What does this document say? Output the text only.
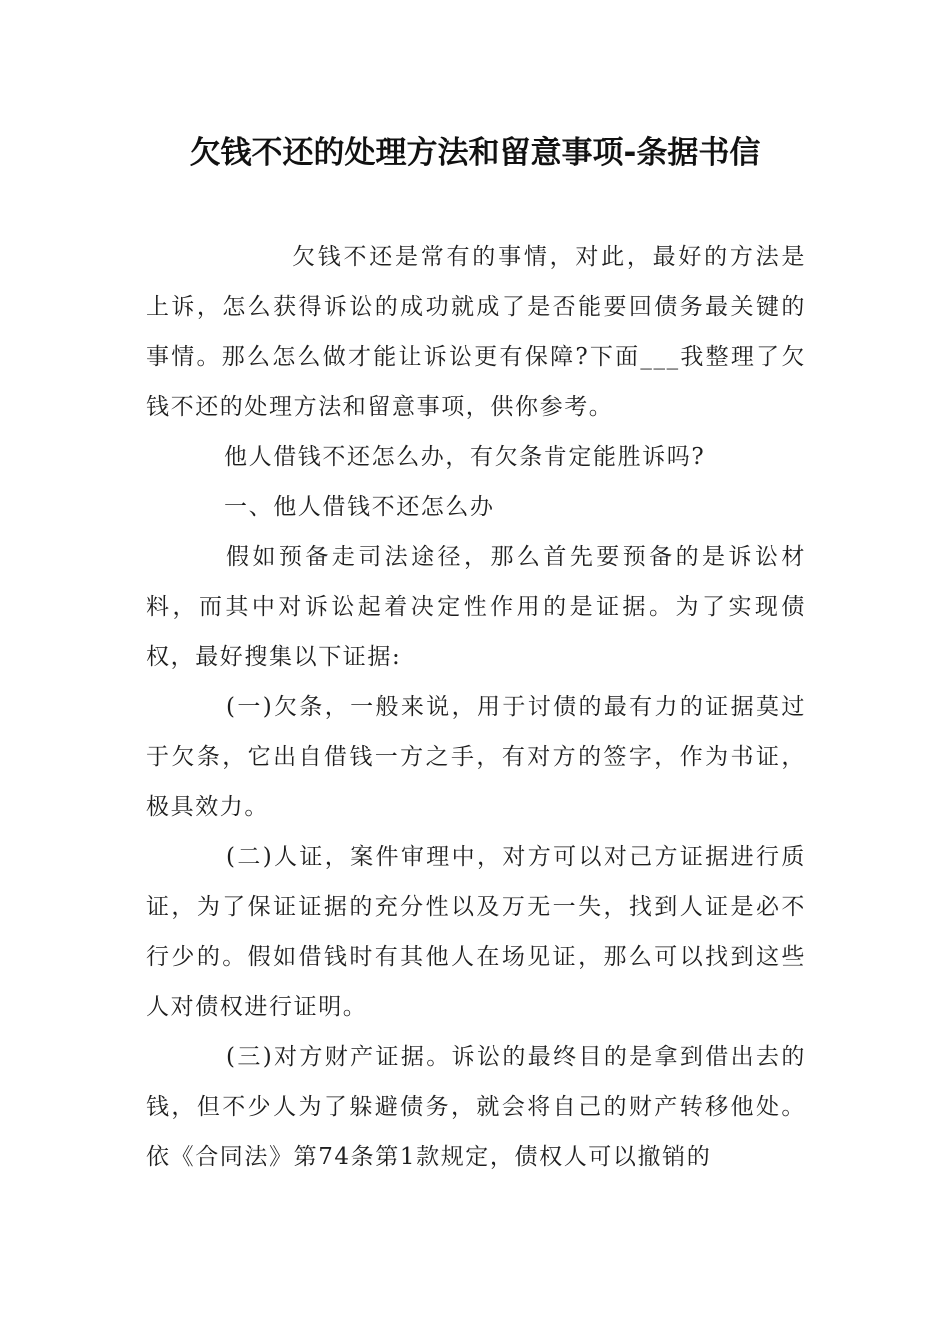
欠钱不还的处理方法和留意事项-条据书信

欠钱不还是常有的事情，对此，最好的方法是上诉，怎么获得诉讼的成功就成了是否能要回债务最关键的事情。那么怎么做才能让诉讼更有保障?下面___我整理了欠钱不还的处理方法和留意事项，供你参考。

他人借钱不还怎么办，有欠条肯定能胜诉吗?

一、他人借钱不还怎么办

假如预备走司法途径，那么首先要预备的是诉讼材料，而其中对诉讼起着决定性作用的是证据。为了实现债权，最好搜集以下证据:

(一)欠条，一般来说，用于讨债的最有力的证据莫过于欠条，它出自借钱一方之手，有对方的签字，作为书证，极具效力。

(二)人证，案件审理中，对方可以对己方证据进行质证，为了保证证据的充分性以及万无一失，找到人证是必不行少的。假如借钱时有其他人在场见证，那么可以找到这些人对债权进行证明。

(三)对方财产证据。诉讼的最终目的是拿到借出去的钱，但不少人为了躲避债务，就会将自己的财产转移他处。依《合同法》第74条第1款规定，债权人可以撤销的
